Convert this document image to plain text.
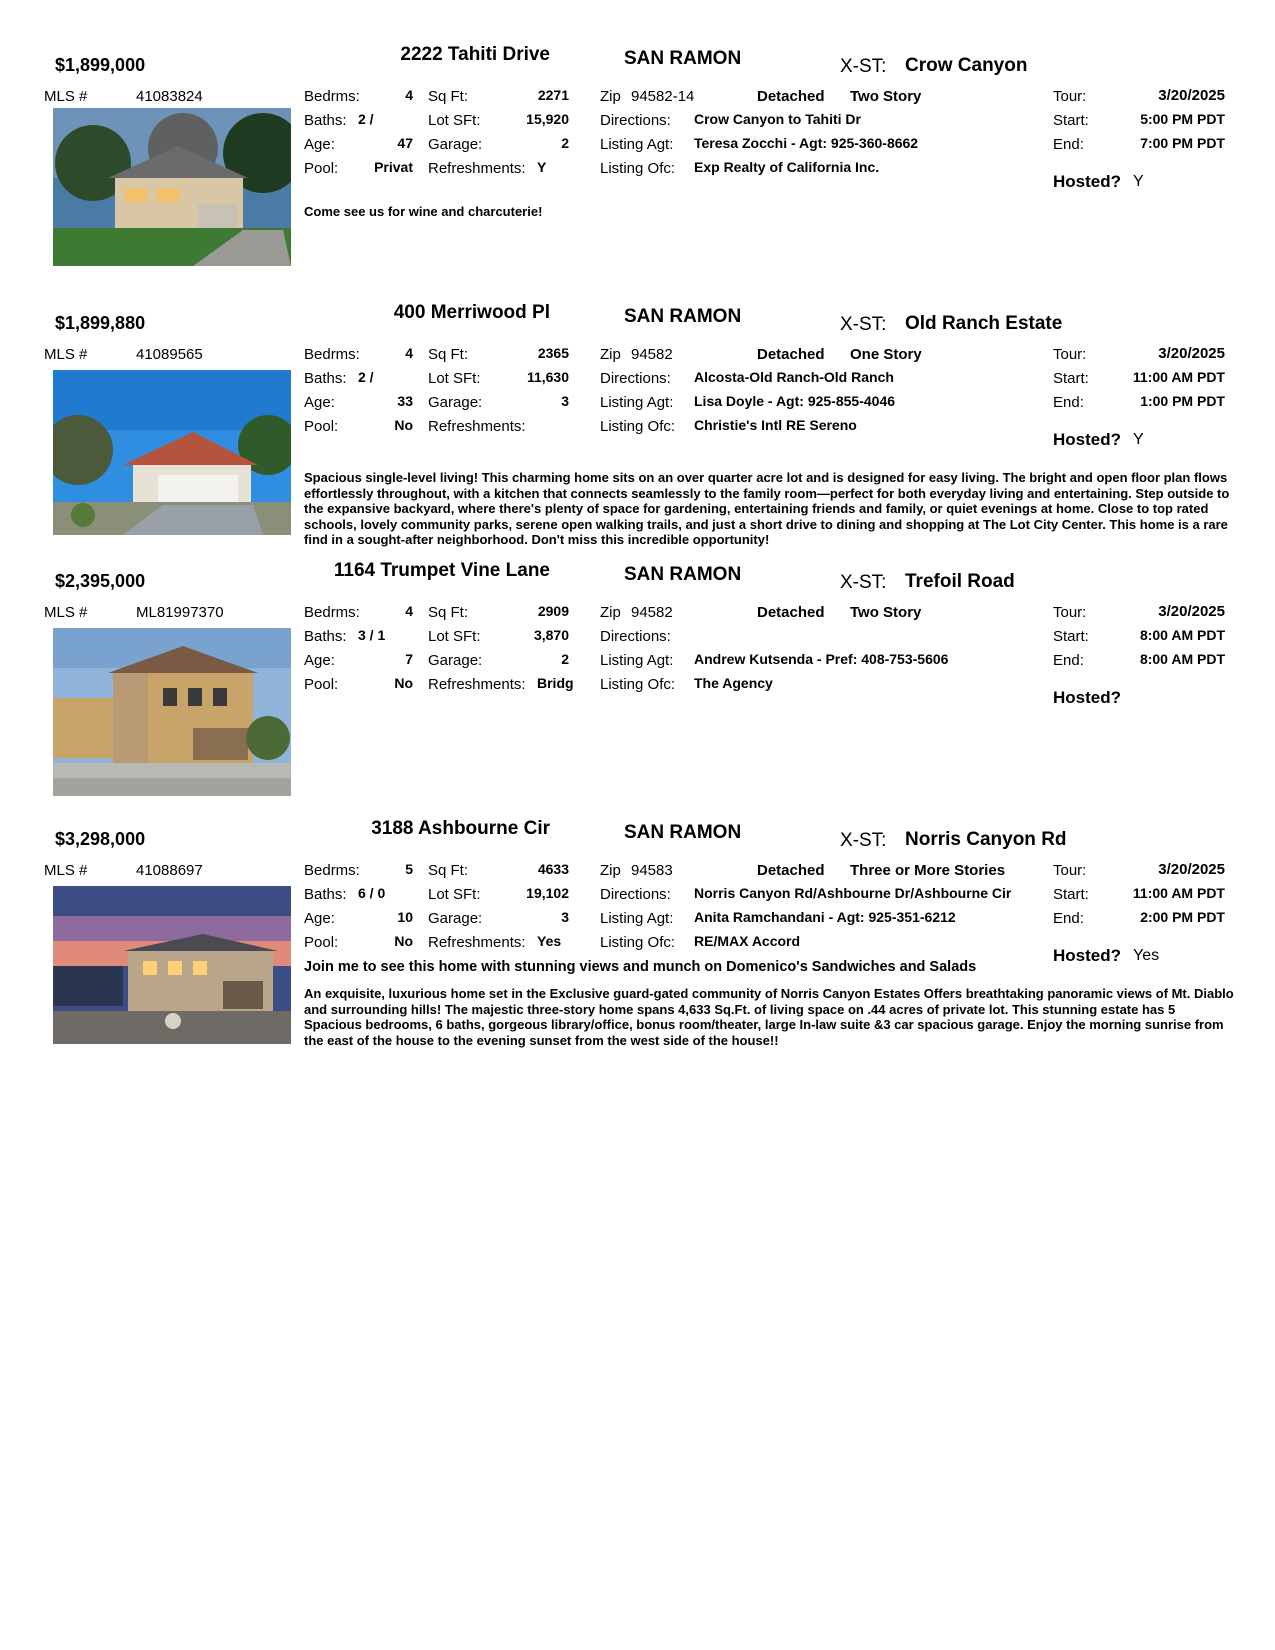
$1,899,000	2222 Tahiti Drive	SAN RAMON	X-ST: Crow Canyon
MLS #	41083824	Bedrms:	4
Baths: 2 /
Age:	47
Pool:	Privat
Sq Ft:	2271
Lot SFt:	15,920
Garage:	2
Refreshments: Y
Zip 94582-14	Detached Two Story
Directions: Crow Canyon to Tahiti Dr
Listing Agt: Teresa Zocchi - Agt: 925-360-8662
Listing Ofc: Exp Realty of California Inc.
Tour:	3/20/2025
Start:	5:00 PM PDT
End:	7:00 PM PDT
Hosted? Y
Come see us for wine and charcuterie!
$1,899,880	400 Merriwood Pl	SAN RAMON	X-ST: Old Ranch Estate
MLS #	41089565	Bedrms:	4
Baths: 2 /
Age:	33
Pool:	No
Sq Ft:	2365
Lot SFt:	11,630
Garage:	3
Refreshments:
Zip 94582	Detached One Story
Directions: Alcosta-Old Ranch-Old Ranch
Listing Agt: Lisa Doyle - Agt: 925-855-4046
Listing Ofc: Christie's Intl RE Sereno
Tour:	3/20/2025
Start:	11:00 AM PDT
End:	1:00 PM PDT
Hosted? Y
Spacious single-level living! This charming home sits on an over quarter acre lot and is designed for easy living. The bright and open floor plan flows effortlessly throughout, with a kitchen that connects seamlessly to the family room—perfect for both everyday living and entertaining. Step outside to the expansive backyard, where there's plenty of space for gardening, entertaining friends and family, or quiet evenings at home. Close to top rated schools, lovely community parks, serene open walking trails, and just a short drive to dining and shopping at The Lot City Center. This home is a rare find in a sought-after neighborhood. Don't miss this incredible opportunity!
$2,395,000	1164 Trumpet Vine Lane	SAN RAMON	X-ST: Trefoil Road
MLS #	ML81997370	Bedrms:	4
Baths: 3 / 1
Age:	7
Pool:	No
Sq Ft:	2909
Lot SFt:	3,870
Garage:	2
Refreshments: Bridg
Zip 94582	Detached Two Story
Directions:
Listing Agt: Andrew Kutsenda - Pref: 408-753-5606
Listing Ofc: The Agency
Tour:	3/20/2025
Start:	8:00 AM PDT
End:	8:00 AM PDT
Hosted?
$3,298,000	3188 Ashbourne Cir	SAN RAMON	X-ST: Norris Canyon Rd
MLS #	41088697	Bedrms:	5
Baths: 6 / 0
Age:	10
Pool:	No
Sq Ft:	4633
Lot SFt:	19,102
Garage:	3
Refreshments: Yes
Zip 94583	Detached Three or More Stories
Directions: Norris Canyon Rd/Ashbourne Dr/Ashbourne Cir
Listing Agt: Anita Ramchandani - Agt: 925-351-6212
Listing Ofc: RE/MAX Accord
Tour:	3/20/2025
Start:	11:00 AM PDT
End:	2:00 PM PDT
Hosted? Yes
Join me to see this home with stunning views and munch on Domenico's Sandwiches and Salads
An exquisite, luxurious home set in the Exclusive guard-gated community of Norris Canyon Estates Offers breathtaking panoramic views of Mt. Diablo and surrounding hills! The majestic three-story home spans 4,633 Sq.Ft. of living space on .44 acres of private lot. This stunning estate has 5 Spacious bedrooms, 6 baths, gorgeous library/office, bonus room/theater, large In-law suite &3 car spacious garage. Enjoy the morning sunrise from the east of the house to the evening sunset from the west side of the house!!
